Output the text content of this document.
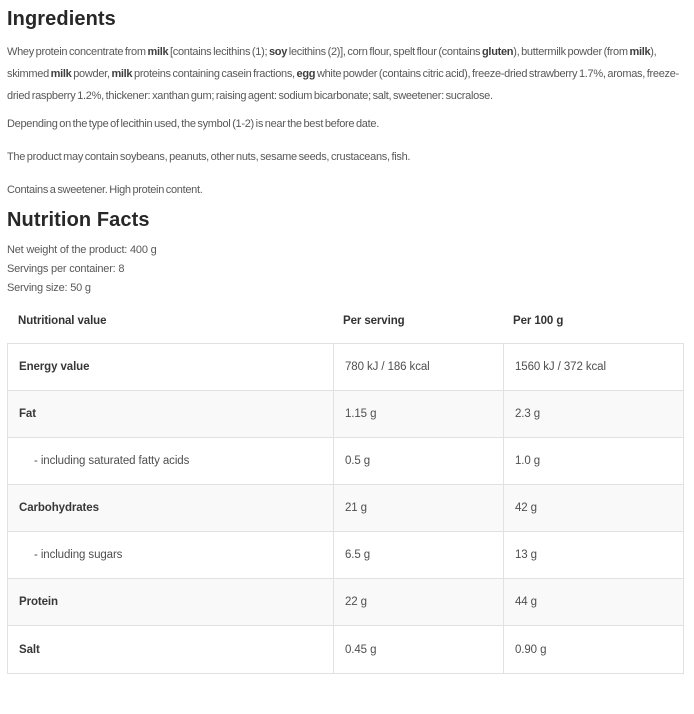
Ingredients

Whey protein concentrate from milk [contains lecithins (1); soy lecithins (2)], corn flour, spelt flour (contains gluten), buttermilk powder (from milk), skimmed milk powder, milk proteins containing casein fractions, egg white powder (contains citric acid), freeze-dried strawberry 1.7%, aromas, freeze-dried raspberry 1.2%, thickener: xanthan gum; raising agent: sodium bicarbonate; salt, sweetener: sucralose.

Depending on the type of lecithin used, the symbol (1-2) is near the best before date.

The product may contain soybeans, peanuts, other nuts, sesame seeds, crustaceans, fish.

Contains a sweetener. High protein content.

Nutrition Facts

Net weight of the product: 400 g

Servings per container: 8

Serving size: 50 g

Nutritional value	Per serving	Per 100 g
Energy value	780 kJ / 186 kcal	1560 kJ / 372 kcal
Fat	1.15 g	2.3 g
- including saturated fatty acids	0.5 g	1.0 g
Carbohydrates	21 g	42 g
- including sugars	6.5 g	13 g
Protein	22 g	44 g
Salt	0.45 g	0.90 g
